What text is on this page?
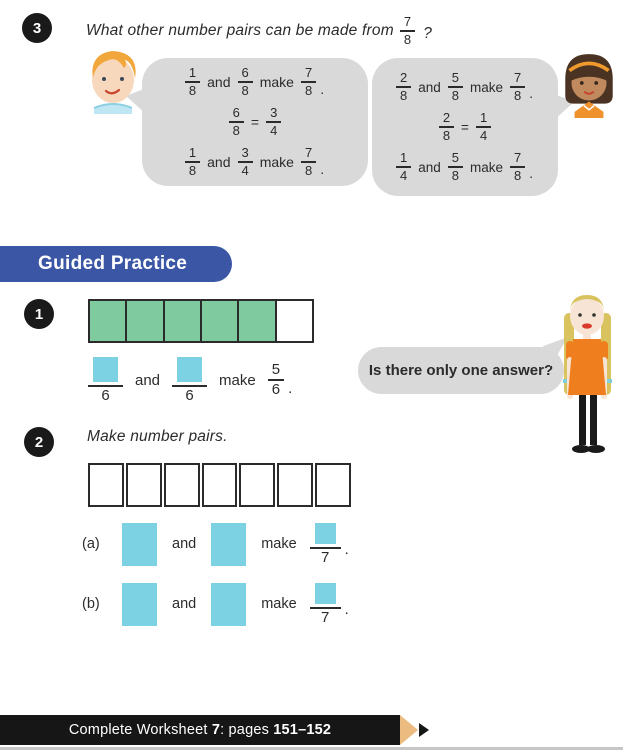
3	What other number pairs can be made from $\frac{7}{8}$ ?
$\frac{1}{8}$ and $\frac{6}{8}$ make $\frac{7}{8}$ .
$\frac{6}{8} = \frac{3}{4}$
$\frac{1}{8}$ and $\frac{3}{4}$ make $\frac{7}{8}$ .
$\frac{2}{8}$ and $\frac{5}{8}$ make $\frac{7}{8}$ .
$\frac{2}{8} = \frac{1}{4}$
$\frac{1}{4}$ and $\frac{5}{8}$ make $\frac{7}{8}$ .
Guided Practice
1
6
and
6
make $\frac{5}{6}$ .
Is there only one answer?
2	Make number pairs.
(a)	and	make
7 .
(b)	and	make
7 .
Complete Worksheet 7: pages 151–152
